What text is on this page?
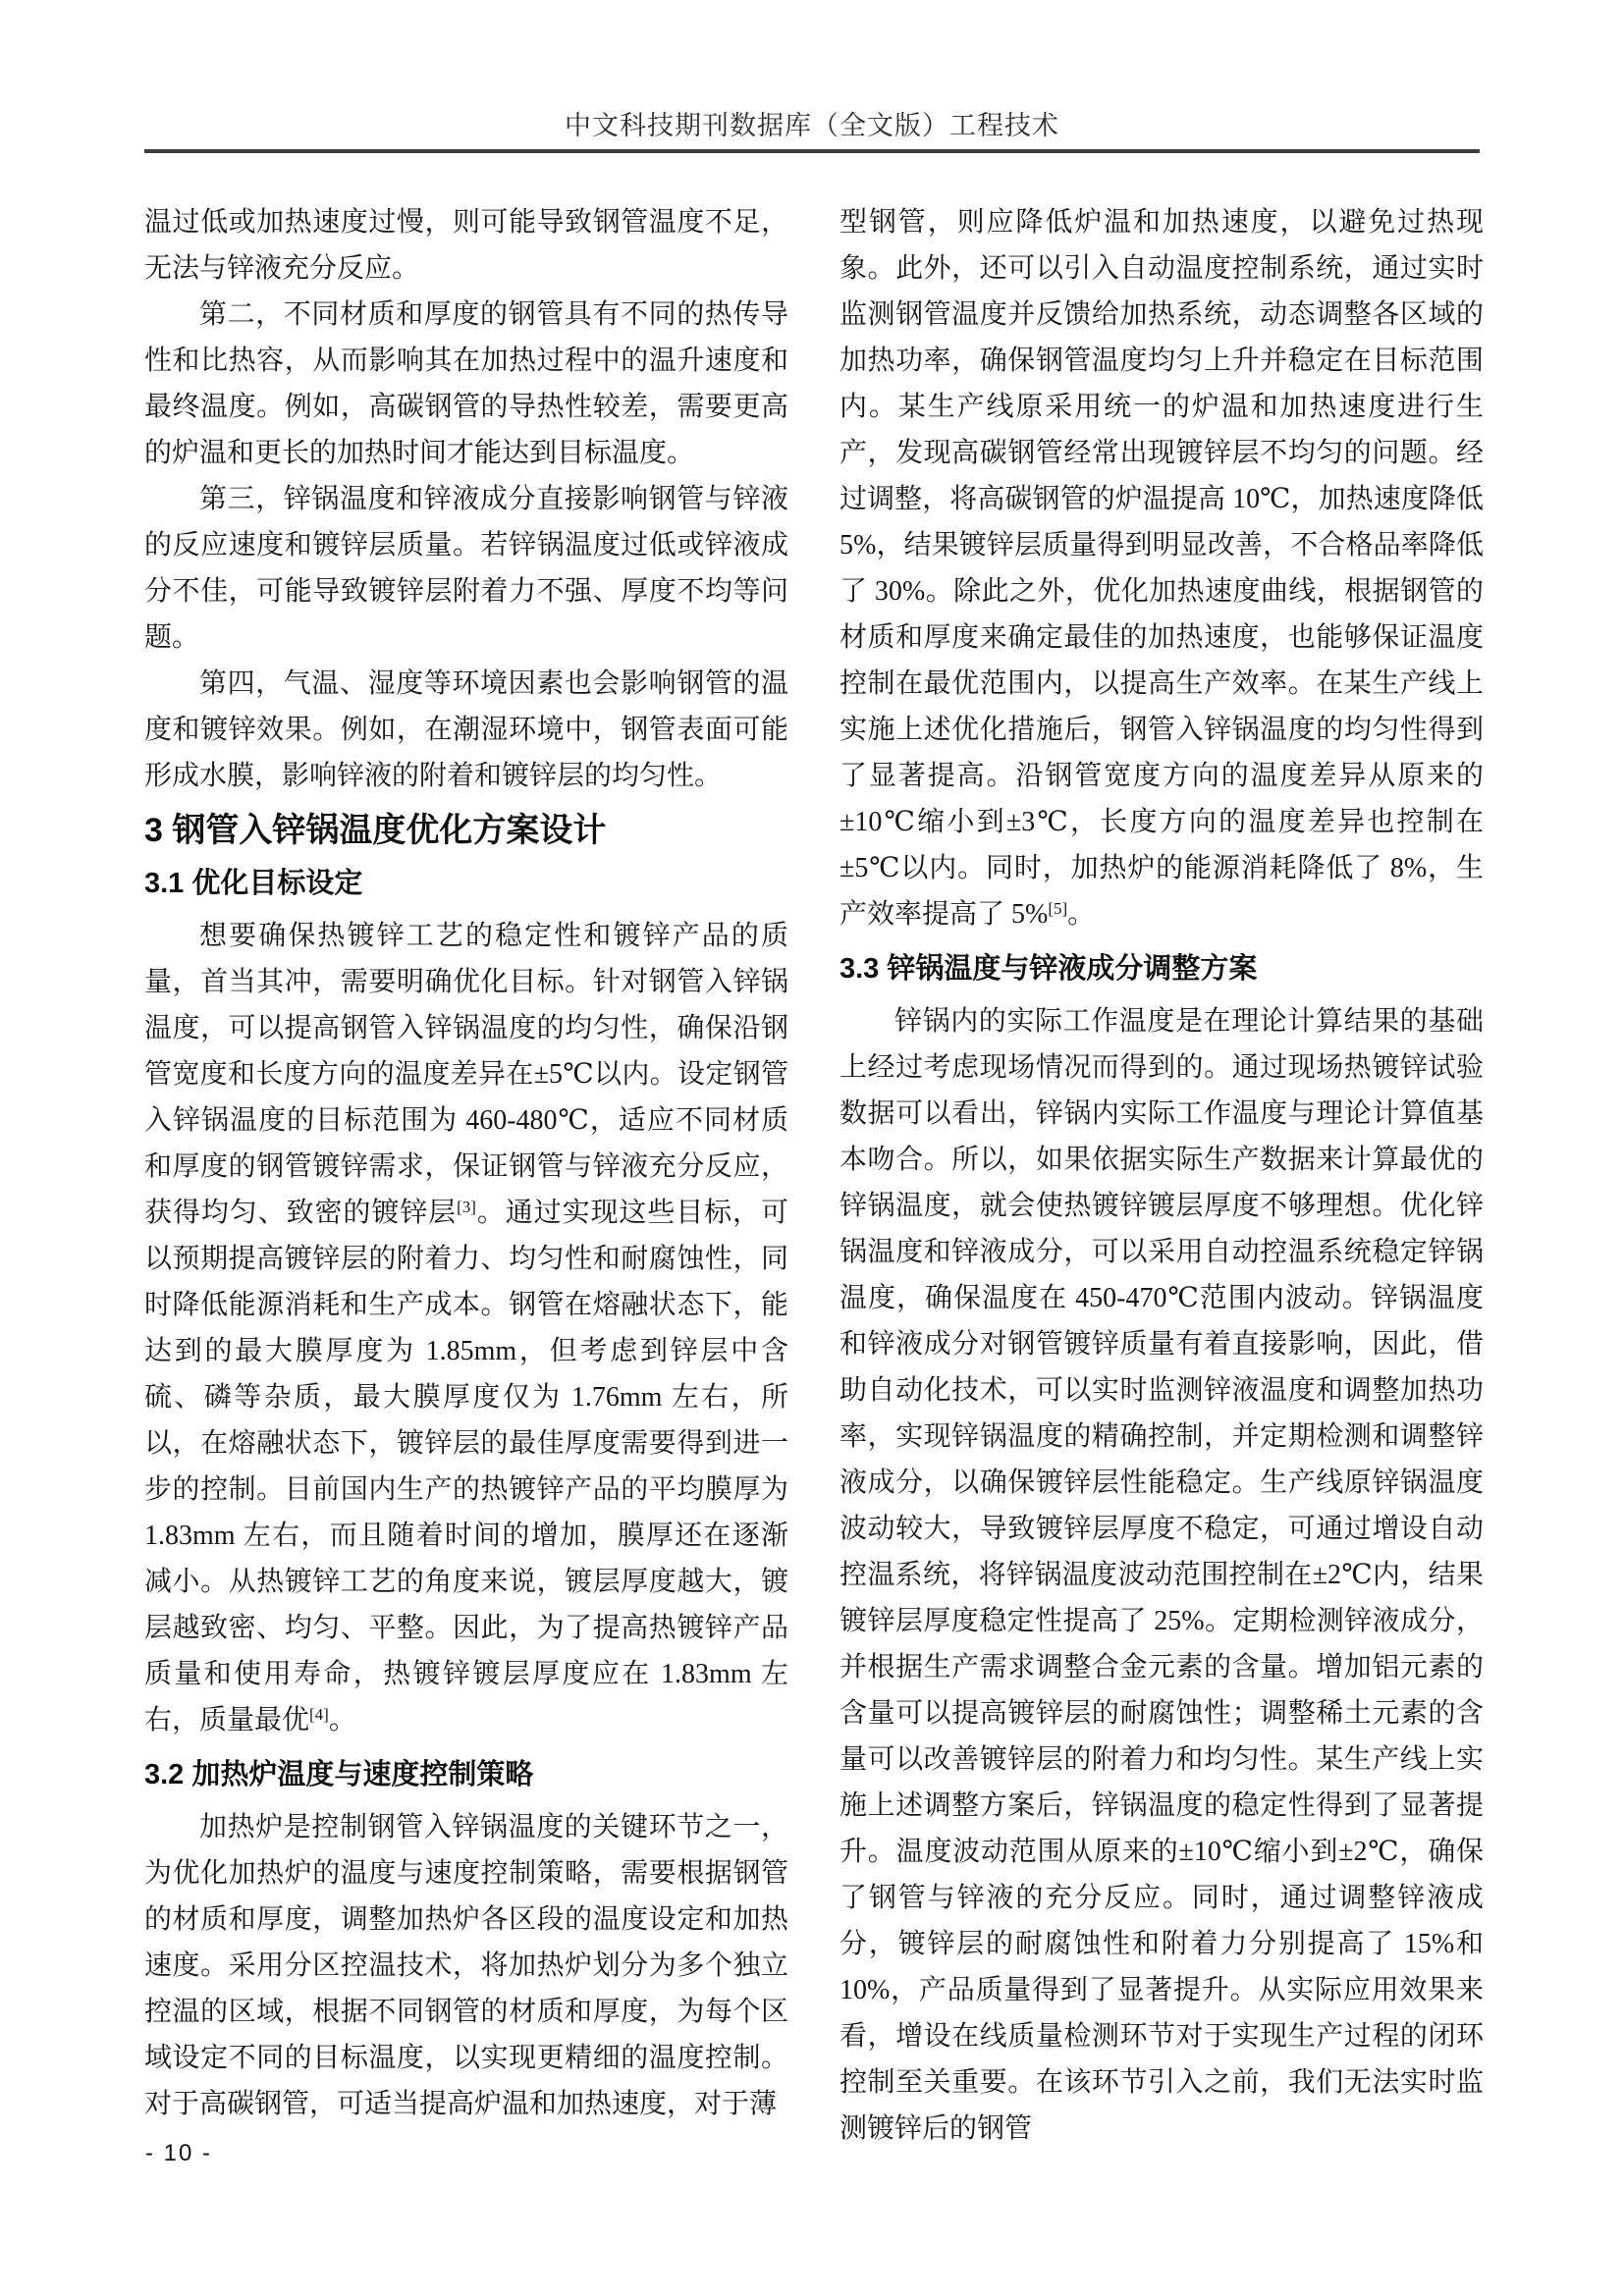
中文科技期刊数据库（全文版）工程技术

温过低或加热速度过慢，则可能导致钢管温度不足，无法与锌液充分反应。

第二，不同材质和厚度的钢管具有不同的热传导性和比热容，从而影响其在加热过程中的温升速度和最终温度。例如，高碳钢管的导热性较差，需要更高的炉温和更长的加热时间才能达到目标温度。

第三，锌锅温度和锌液成分直接影响钢管与锌液的反应速度和镀锌层质量。若锌锅温度过低或锌液成分不佳，可能导致镀锌层附着力不强、厚度不均等问题。

第四，气温、湿度等环境因素也会影响钢管的温度和镀锌效果。例如，在潮湿环境中，钢管表面可能形成水膜，影响锌液的附着和镀锌层的均匀性。

3 钢管入锌锅温度优化方案设计
3.1 优化目标设定

想要确保热镀锌工艺的稳定性和镀锌产品的质量，首当其冲，需要明确优化目标。针对钢管入锌锅温度，可以提高钢管入锌锅温度的均匀性，确保沿钢管宽度和长度方向的温度差异在±5℃以内。设定钢管入锌锅温度的目标范围为 460-480℃，适应不同材质和厚度的钢管镀锌需求，保证钢管与锌液充分反应，获得均匀、致密的镀锌层[3]。通过实现这些目标，可以预期提高镀锌层的附着力、均匀性和耐腐蚀性，同时降低能源消耗和生产成本。钢管在熔融状态下，能达到的最大膜厚度为 1.85mm，但考虑到锌层中含硫、磷等杂质，最大膜厚度仅为 1.76mm 左右，所以，在熔融状态下，镀锌层的最佳厚度需要得到进一步的控制。目前国内生产的热镀锌产品的平均膜厚为 1.83mm 左右，而且随着时间的增加，膜厚还在逐渐减小。从热镀锌工艺的角度来说，镀层厚度越大，镀层越致密、均匀、平整。因此，为了提高热镀锌产品质量和使用寿命，热镀锌镀层厚度应在 1.83mm 左右，质量最优[4]。

3.2 加热炉温度与速度控制策略

加热炉是控制钢管入锌锅温度的关键环节之一，为优化加热炉的温度与速度控制策略，需要根据钢管的材质和厚度，调整加热炉各区段的温度设定和加热速度。采用分区控温技术，将加热炉划分为多个独立控温的区域，根据不同钢管的材质和厚度，为每个区域设定不同的目标温度，以实现更精细的温度控制。对于高碳钢管，可适当提高炉温和加热速度，对于薄

型钢管，则应降低炉温和加热速度，以避免过热现象。此外，还可以引入自动温度控制系统，通过实时监测钢管温度并反馈给加热系统，动态调整各区域的加热功率，确保钢管温度均匀上升并稳定在目标范围内。某生产线原采用统一的炉温和加热速度进行生产，发现高碳钢管经常出现镀锌层不均匀的问题。经过调整，将高碳钢管的炉温提高 10℃，加热速度降低 5%，结果镀锌层质量得到明显改善，不合格品率降低了 30%。除此之外，优化加热速度曲线，根据钢管的材质和厚度来确定最佳的加热速度，也能够保证温度控制在最优范围内，以提高生产效率。在某生产线上实施上述优化措施后，钢管入锌锅温度的均匀性得到了显著提高。沿钢管宽度方向的温度差异从原来的±10℃缩小到±3℃，长度方向的温度差异也控制在±5℃以内。同时，加热炉的能源消耗降低了 8%，生产效率提高了 5%[5]。

3.3 锌锅温度与锌液成分调整方案

锌锅内的实际工作温度是在理论计算结果的基础上经过考虑现场情况而得到的。通过现场热镀锌试验数据可以看出，锌锅内实际工作温度与理论计算值基本吻合。所以，如果依据实际生产数据来计算最优的锌锅温度，就会使热镀锌镀层厚度不够理想。优化锌锅温度和锌液成分，可以采用自动控温系统稳定锌锅温度，确保温度在 450-470℃范围内波动。锌锅温度和锌液成分对钢管镀锌质量有着直接影响，因此，借助自动化技术，可以实时监测锌液温度和调整加热功率，实现锌锅温度的精确控制，并定期检测和调整锌液成分，以确保镀锌层性能稳定。生产线原锌锅温度波动较大，导致镀锌层厚度不稳定，可通过增设自动控温系统，将锌锅温度波动范围控制在±2℃内，结果镀锌层厚度稳定性提高了 25%。定期检测锌液成分，并根据生产需求调整合金元素的含量。增加铝元素的含量可以提高镀锌层的耐腐蚀性；调整稀土元素的含量可以改善镀锌层的附着力和均匀性。某生产线上实施上述调整方案后，锌锅温度的稳定性得到了显著提升。温度波动范围从原来的±10℃缩小到±2℃，确保了钢管与锌液的充分反应。同时，通过调整锌液成分，镀锌层的耐腐蚀性和附着力分别提高了 15%和 10%，产品质量得到了显著提升。从实际应用效果来看，增设在线质量检测环节对于实现生产过程的闭环控制至关重要。在该环节引入之前，我们无法实时监测镀锌后的钢管

- 10 -
